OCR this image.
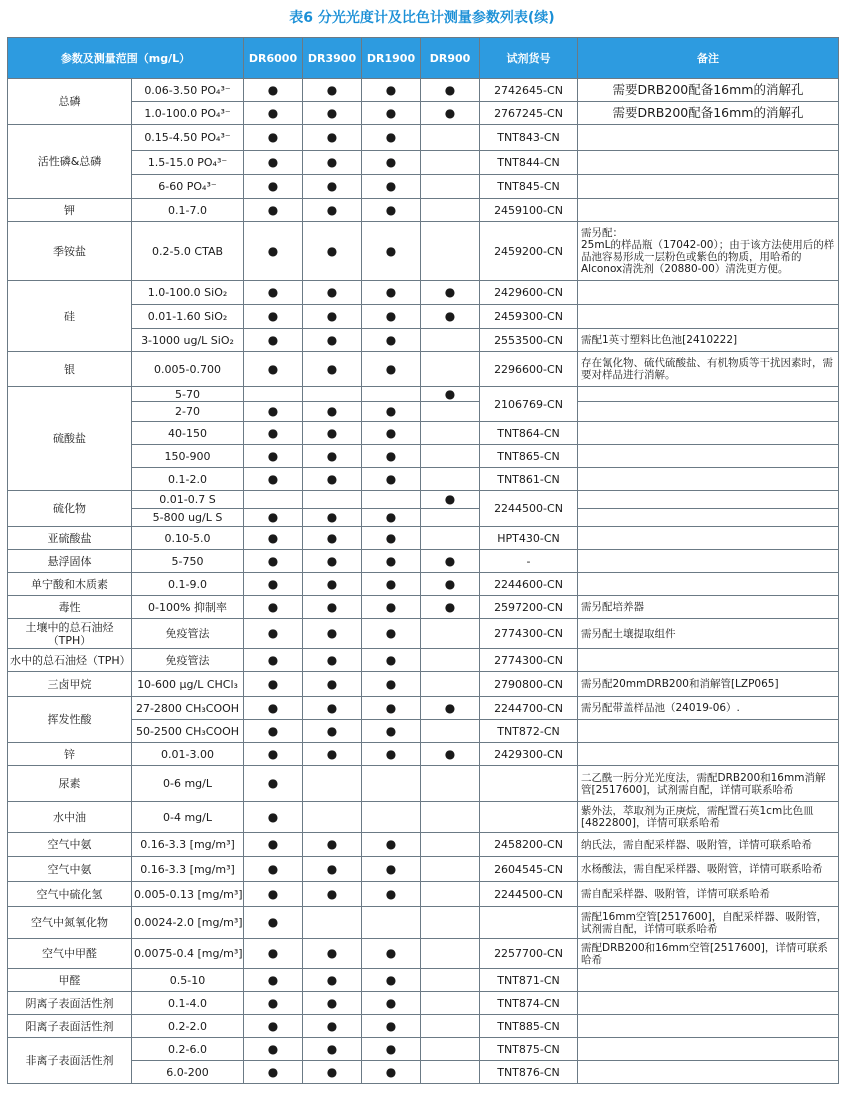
表6 分光光度计及比色计测量参数列表(续)
参数及测量范围（mg/L）		DR6000	DR3900	DR1900	DR900	试剂货号	备注
总磷	0.06-3.50 PO₄³⁻	●	●	●	●	2742645-CN	需要DRB200配备16mm的消解孔
	1.0-100.0 PO₄³⁻	●	●	●	●	2767245-CN	需要DRB200配备16mm的消解孔
活性磷&总磷	0.15-4.50 PO₄³⁻	●	●	●		TNT843-CN	
	1.5-15.0 PO₄³⁻	●	●	●		TNT844-CN	
	6-60 PO₄³⁻	●	●	●		TNT845-CN	
钾	0.1-7.0	●	●	●		2459100-CN	
季铵盐	0.2-5.0 CTAB	●	●	●		2459200-CN	需另配：
25mL的样品瓶（17042-00）；由于该方法使用后的样品池容易形成一层粉色或紫色的物质，用哈希的Alconox清洗剂（20880-00）清洗更方便。
硅	1.0-100.0 SiO₂	●	●	●	●	2429600-CN	
	0.01-1.60 SiO₂	●	●	●	●	2459300-CN	
	3-1000 ug/L SiO₂	●	●	●		2553500-CN	需配1英寸塑料比色池[2410222]
银	0.005-0.700	●	●	●		2296600-CN	存在氰化物、硫代硫酸盐、有机物质等干扰因素时，需要对样品进行消解。
硫酸盐	5-70				●	2106769-CN	
	2-70	●	●	●			
	40-150	●	●	●		TNT864-CN	
	150-900	●	●	●		TNT865-CN	
	0.1-2.0	●	●	●		TNT861-CN	
硫化物	0.01-0.7 S				●	2244500-CN	
	5-800 ug/L S	●	●	●			
亚硫酸盐	0.10-5.0	●	●	●		HPT430-CN	
悬浮固体	5-750	●	●	●	●	-	
单宁酸和木质素	0.1-9.0	●	●	●	●	2244600-CN	
毒性	0-100% 抑制率	●	●	●	●	2597200-CN	需另配培养器
土壤中的总石油烃（TPH）	免疫管法	●	●	●		2774300-CN	需另配土壤提取组件
水中的总石油烃（TPH）	免疫管法	●	●	●		2774300-CN	
三卤甲烷	10-600 μg/L CHCl₃	●	●	●		2790800-CN	需另配20mmDRB200和消解管[LZP065]
挥发性酸	27-2800 CH₃COOH	●	●	●	●	2244700-CN	需另配带盖样品池（24019-06）.
	50-2500 CH₃COOH	●	●	●		TNT872-CN	
锌	0.01-3.00	●	●	●	●	2429300-CN	
尿素	0-6 mg/L	●					二乙酰一肟分光光度法，需配DRB200和16mm消解管[2517600]，试剂需自配，详情可联系哈希
水中油	0-4 mg/L	●					紫外法，萃取剂为正庚烷，需配置石英1cm比色皿[4822800]，详情可联系哈希
空气中氨	0.16-3.3 [mg/m³]	●	●	●		2458200-CN	纳氏法，需自配采样器、吸附管，详情可联系哈希
空气中氨	0.16-3.3 [mg/m³]	●	●	●		2604545-CN	水杨酸法，需自配采样器、吸附管，详情可联系哈希
空气中硫化氢	0.005-0.13 [mg/m³]	●	●	●		2244500-CN	需自配采样器、吸附管，详情可联系哈希
空气中氮氧化物	0.0024-2.0 [mg/m³]	●					需配16mm空管[2517600]，自配采样器、吸附管，试剂需自配，详情可联系哈希
空气中甲醛	0.0075-0.4 [mg/m³]	●	●	●		2257700-CN	需配DRB200和16mm空管[2517600]，详情可联系哈希
甲醛	0.5-10	●	●	●		TNT871-CN	
阴离子表面活性剂	0.1-4.0	●	●	●		TNT874-CN	
阳离子表面活性剂	0.2-2.0	●	●	●		TNT885-CN	
非离子表面活性剂	0.2-6.0	●	●	●		TNT875-CN	
	6.0-200	●	●	●		TNT876-CN	
